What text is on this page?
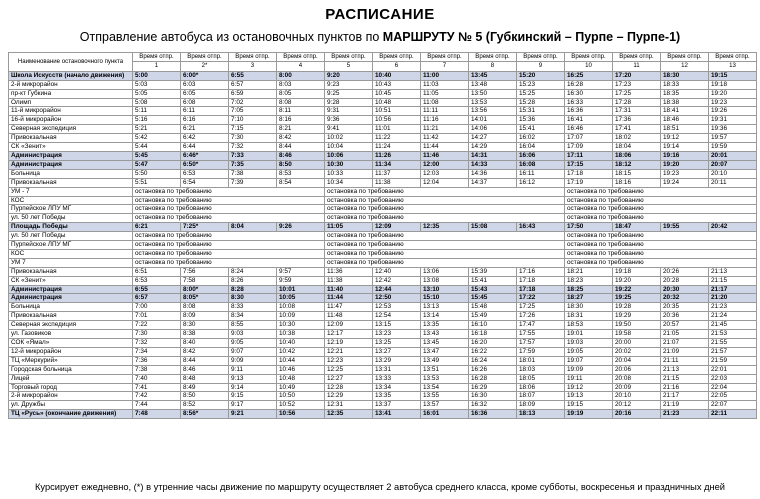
РАСПИСАНИЕ
Отправление автобуса из остановочных пунктов по МАРШРУТУ № 5 (Губкинский – Пурпе – Пурпе-1)
Наименование остановочного пункта	Время отпр.	Время отпр.	Время отпр.	Время отпр.	Время отпр.	Время отпр.	Время отпр.	Время отпр.	Время отпр.	Время отпр.	Время отпр.	Время отпр.	Время отпр.
	1	2*	3	4	5	6	7	8	9	10	11	12	13
Школа Искусств (начало движения)	5:00	6:00*	6:55	8:00	9:20	10:40	11:00	13:45	15:20	16:25	17:20	18:30	19:15
2-й микрорайон	5:03	6:03	6:57	8:03	9:23	10:43	11:03	13:48	15:23	16:28	17:23	18:33	19:18
пр-кт Губкина	5:05	6:05	6:59	8:05	9:25	10:45	11:05	13:50	15:25	16:30	17:25	18:35	19:20
Олимп	5:08	6:08	7:02	8:08	9:28	10:48	11:08	13:53	15:28	16:33	17:28	18:38	19:23
11-й микрорайон	5:11	6:11	7:05	8:11	9:31	10:51	11:11	13:56	15:31	16:36	17:31	18:41	19:26
16-й микрорайон	5:16	6:16	7:10	8:16	9:36	10:56	11:16	14:01	15:36	16:41	17:36	18:46	19:31
Северная экспедиция	5:21	6:21	7:15	8:21	9:41	11:01	11:21	14:06	15:41	16:46	17:41	18:51	19:36
Привокзальная	5:42	6:42	7:30	8:42	10:02	11:22	11:42	14:27	16:02	17:07	18:02	19:12	19:57
СК «Зенит»	5:44	6:44	7:32	8:44	10:04	11:24	11:44	14:29	16:04	17:09	18:04	19:14	19:59
Администрация	5:45	6:46*	7:33	8:46	10:06	11:26	11:46	14:31	16:06	17:11	18:06	19:16	20:01
Администрация	5:47	6:50*	7:35	8:50	10:30	11:34	12:00	14:33	16:08	17:15	18:12	19:20	20:07
Больница	5:50	6:53	7:38	8:53	10:33	11:37	12:03	14:36	16:11	17:18	18:15	19:23	20:10
Привокзальная	5:51	6:54	7:39	8:54	10:34	11:38	12:04	14:37	16:12	17:19	18:16	19:24	20:11
УМ - 7	остановка по требованию				остановка по требованию					остановка по требованию			
КОС	остановка по требованию				остановка по требованию					остановка по требованию			
Пурпейское ЛПУ МГ	остановка по требованию				остановка по требованию					остановка по требованию			
ул. 50 лет Победы	остановка по требованию				остановка по требованию					остановка по требованию			
Площадь Победы	6:21	7:25*	8:04	9:26	11:05	12:09	12:35	15:08	16:43	17:50	18:47	19:55	20:42
ул. 50 лет Победы	остановка по требованию				остановка по требованию					остановка по требованию			
Пурпейское ЛПУ МГ	остановка по требованию				остановка по требованию					остановка по требованию			
КОС	остановка по требованию				остановка по требованию					остановка по требованию			
УМ 7	остановка по требованию				остановка по требованию					остановка по требованию			
Привокзальная	6:51	7:56	8:24	9:57	11:36	12:40	13:06	15:39	17:16	18:21	19:18	20:26	21:13
СК «Зенит»	6:53	7:58	8:26	9:59	11:38	12:42	13:08	15:41	17:18	18:23	19:20	20:28	21:15
Администрация	6:55	8:00*	8:28	10:01	11:40	12:44	13:10	15:43	17:18	18:25	19:22	20:30	21:17
Администрация	6:57	8:05*	8:30	10:05	11:44	12:50	15:10	15:45	17:22	18:27	19:25	20:32	21:20
Больница	7:00	8:08	8:33	10:08	11:47	12:53	13:13	15:48	17:25	18:30	19:28	20:35	21:23
Привокзальная	7:01	8:09	8:34	10:09	11:48	12:54	13:14	15:49	17:26	18:31	19:29	20:36	21:24
Северная экспедиция	7:22	8:30	8:55	10:30	12:09	13:15	13:35	16:10	17:47	18:53	19:50	20:57	21:45
ул. Газовиков	7:30	8:38	9:03	10:38	12:17	13:23	13:43	16:18	17:55	19:01	19:58	21:05	21:53
СОК «Ямал»	7:32	8:40	9:05	10:40	12:19	13:25	13:45	16:20	17:57	19:03	20:00	21:07	21:55
12-й микрорайон	7:34	8:42	9:07	10:42	12:21	13:27	13:47	16:22	17:59	19:05	20:02	21:09	21:57
ТЦ «Меркурий»	7:36	8:44	9:09	10:44	12:23	13:29	13:49	16:24	18:01	19:07	20:04	21:11	21:59
Городская больница	7:38	8:46	9:11	10:46	12:25	13:31	13:51	16:26	18:03	19:09	20:06	21:13	22:01
Лицей	7:40	8:48	9:13	10:48	12:27	13:33	13:53	16:28	18:05	19:11	20:08	21:15	22:03
Торговый город	7:41	8:49	9:14	10:49	12:28	13:34	13:54	16:29	18:06	19:12	20:09	21:16	22:04
2-й микрорайон	7:42	8:50	9:15	10:50	12:29	13:35	13:55	16:30	18:07	19:13	20:10	21:17	22:05
ул. Дружбы	7:44	8:52	9:17	10:52	12:31	13:37	13:57	16:32	18:09	19:15	20:12	21:19	22:07
ТЦ «Русь» (окончание движения)	7:48	8:56*	9:21	10:56	12:35	13:41	16:01	16:36	18:13	19:19	20:16	21:23	22:11
Курсирует ежедневно, (*) в утренние часы движение по маршруту осуществляет 2 автобуса среднего класса, кроме субботы, воскресенья и праздничных дней
